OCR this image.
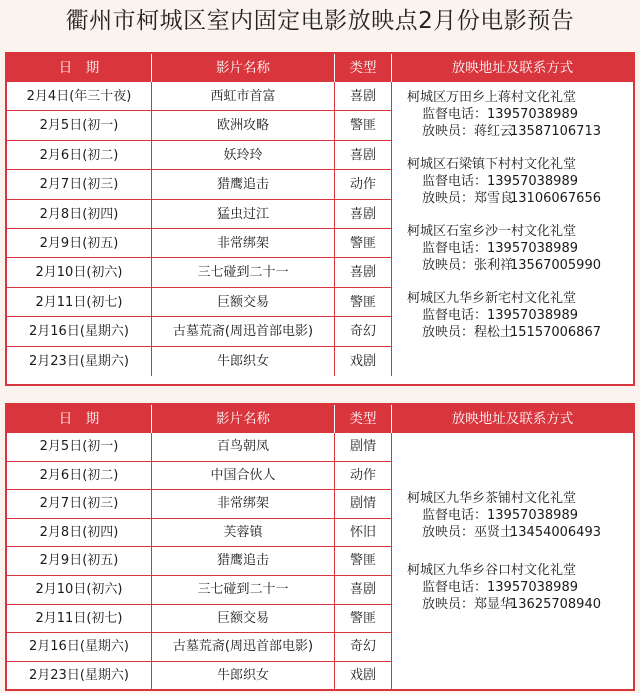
衢州市柯城区室内固定电影放映点2月份电影预告
日　期	影片名称	类型	放映地址及联系方式
2月4日(年三十夜)	西虹市首富	喜剧
2月5日(初一)	欧洲攻略	警匪
2月6日(初二)	妖玲玲	喜剧
2月7日(初三)	猎鹰追击	动作
2月8日(初四)	猛虫过江	喜剧
2月9日(初五)	非常绑架	警匪
2月10日(初六)	三七碰到二十一	喜剧
2月11日(初七)	巨额交易	警匪
2月16日(星期六)	古墓荒斋(周迅首部电影)	奇幻
2月23日(星期六)	牛郎织女	戏剧
柯城区万田乡上蒋村文化礼堂
监督电话：13957038989
放映员：蒋红云13587106713
柯城区石梁镇下村村文化礼堂
监督电话：13957038989
放映员：郑雪良13106067656
柯城区石室乡沙一村文化礼堂
监督电话：13957038989
放映员：张利祥13567005990
柯城区九华乡新宅村文化礼堂
监督电话：13957038989
放映员：程松土15157006867
日　期	影片名称	类型	放映地址及联系方式
2月5日(初一)	百鸟朝凤	剧情
2月6日(初二)	中国合伙人	动作
2月7日(初三)	非常绑架	剧情
2月8日(初四)	芙蓉镇	怀旧
2月9日(初五)	猎鹰追击	警匪
2月10日(初六)	三七碰到二十一	喜剧
2月11日(初七)	巨额交易	警匪
2月16日(星期六)	古墓荒斋(周迅首部电影)	奇幻
2月23日(星期六)	牛郎织女	戏剧
柯城区九华乡茶铺村文化礼堂
监督电话：13957038989
放映员：巫贤土13454006493
柯城区九华乡谷口村文化礼堂
监督电话：13957038989
放映员：郑显华13625708940
